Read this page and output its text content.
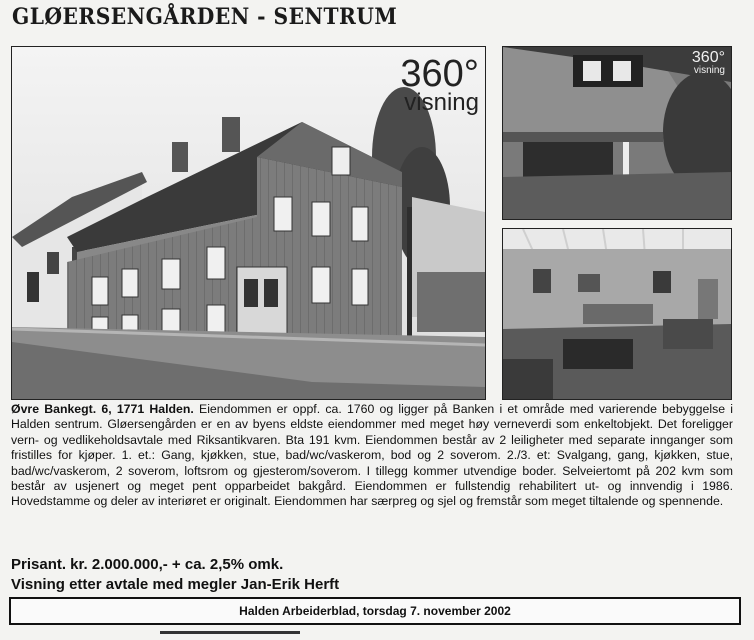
GLØERSENGÅRDEN - SENTRUM
360°
visning
360°
visning

Øvre Bankegt. 6, 1771 Halden. Eiendommen er oppf. ca. 1760 og ligger på Banken i et område med varierende bebyggelse i Halden sentrum. Gløersengården er en av byens eldste eiendommer med meget høy verneverdi som enkeltobjekt. Det foreligger vern- og vedlikeholdsavtale med Riksantikvaren. Bta 191 kvm. Eiendommen består av 2 leiligheter med separate innganger som fristilles for kjøper. 1. et.: Gang, kjøkken, stue, bad/wc/vaskerom, bod og 2 soverom. 2./3. et: Svalgang, gang, kjøkken, stue, bad/wc/vaskerom, 2 soverom, loftsrom og gjesterom/soverom. I tillegg kommer utvendige boder. Selveiertomt på 202 kvm som består av usjenert og meget pent opparbeidet bakgård. Eiendommen er fullstendig rehabilitert ut- og innvendig i 1986. Hovedstamme og deler av interiøret er originalt. Eiendommen har særpreg og sjel og fremstår som meget tiltalende og spennende.

Prisant. kr. 2.000.000,- + ca. 2,5% omk.
Visning etter avtale med megler Jan-Erik Herft

Halden Arbeiderblad, torsdag 7. november 2002
